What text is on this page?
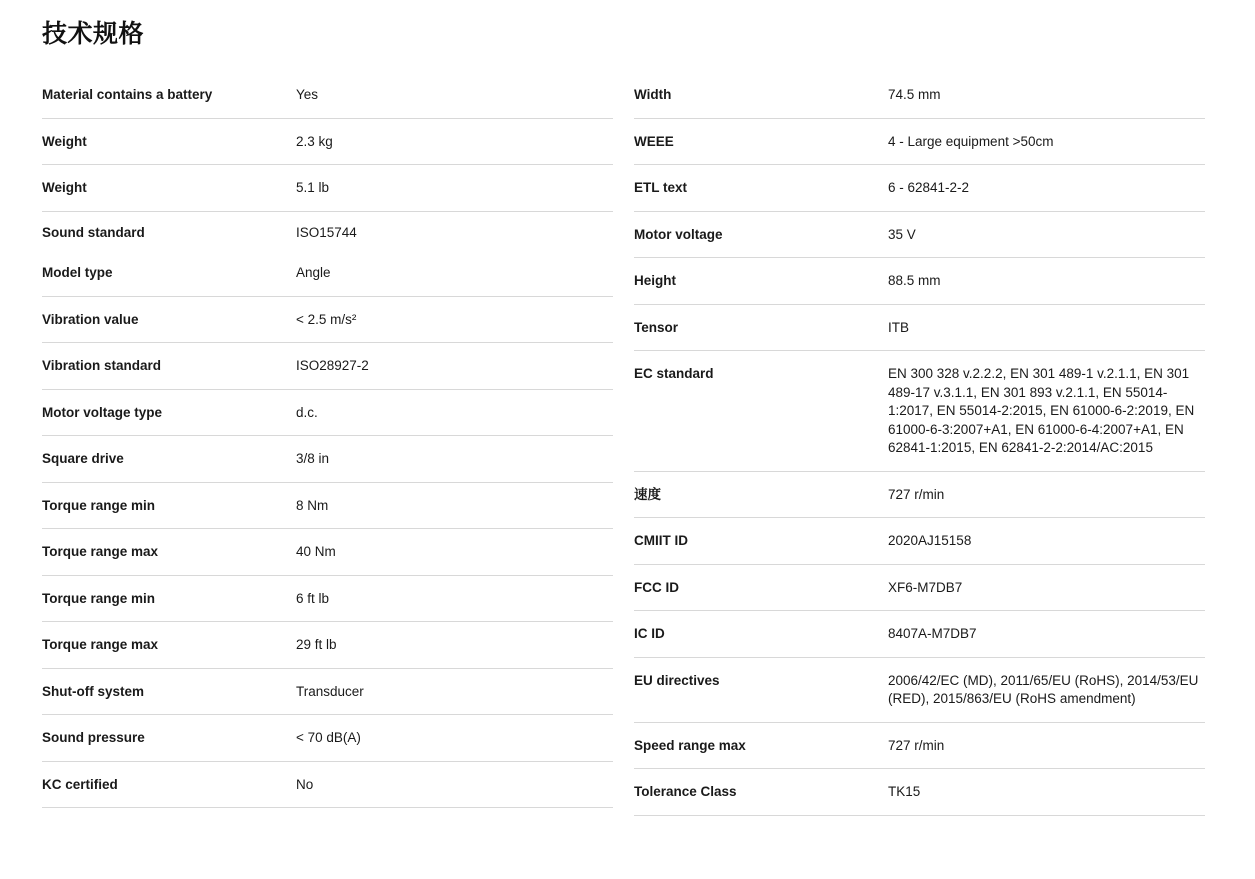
技术规格
Material contains a battery	Yes
Weight	2.3 kg
Weight	5.1 lb
Sound standard	ISO15744
Model type	Angle
Vibration value	< 2.5 m/s²
Vibration standard	ISO28927-2
Motor voltage type	d.c.
Square drive	3/8 in
Torque range min	8 Nm
Torque range max	40 Nm
Torque range min	6 ft lb
Torque range max	29 ft lb
Shut-off system	Transducer
Sound pressure	< 70 dB(A)
KC certified	No
Width	74.5 mm
WEEE	4 - Large equipment >50cm
ETL text	6 - 62841-2-2
Motor voltage	35 V
Height	88.5 mm
Tensor	ITB
EC standard	EN 300 328 v.2.2.2, EN 301 489-1 v.2.1.1, EN 301 489-17 v.3.1.1, EN 301 893 v.2.1.1, EN 55014-1:2017, EN 55014-2:2015, EN 61000-6-2:2019, EN 61000-6-3:2007+A1, EN 61000-6-4:2007+A1, EN 62841-1:2015, EN 62841-2-2:2014/AC:2015
速度	727 r/min
CMIIT ID	2020AJ15158
FCC ID	XF6-M7DB7
IC ID	8407A-M7DB7
EU directives	2006/42/EC (MD), 2011/65/EU (RoHS), 2014/53/EU (RED), 2015/863/EU (RoHS amendment)
Speed range max	727 r/min
Tolerance Class	TK15
